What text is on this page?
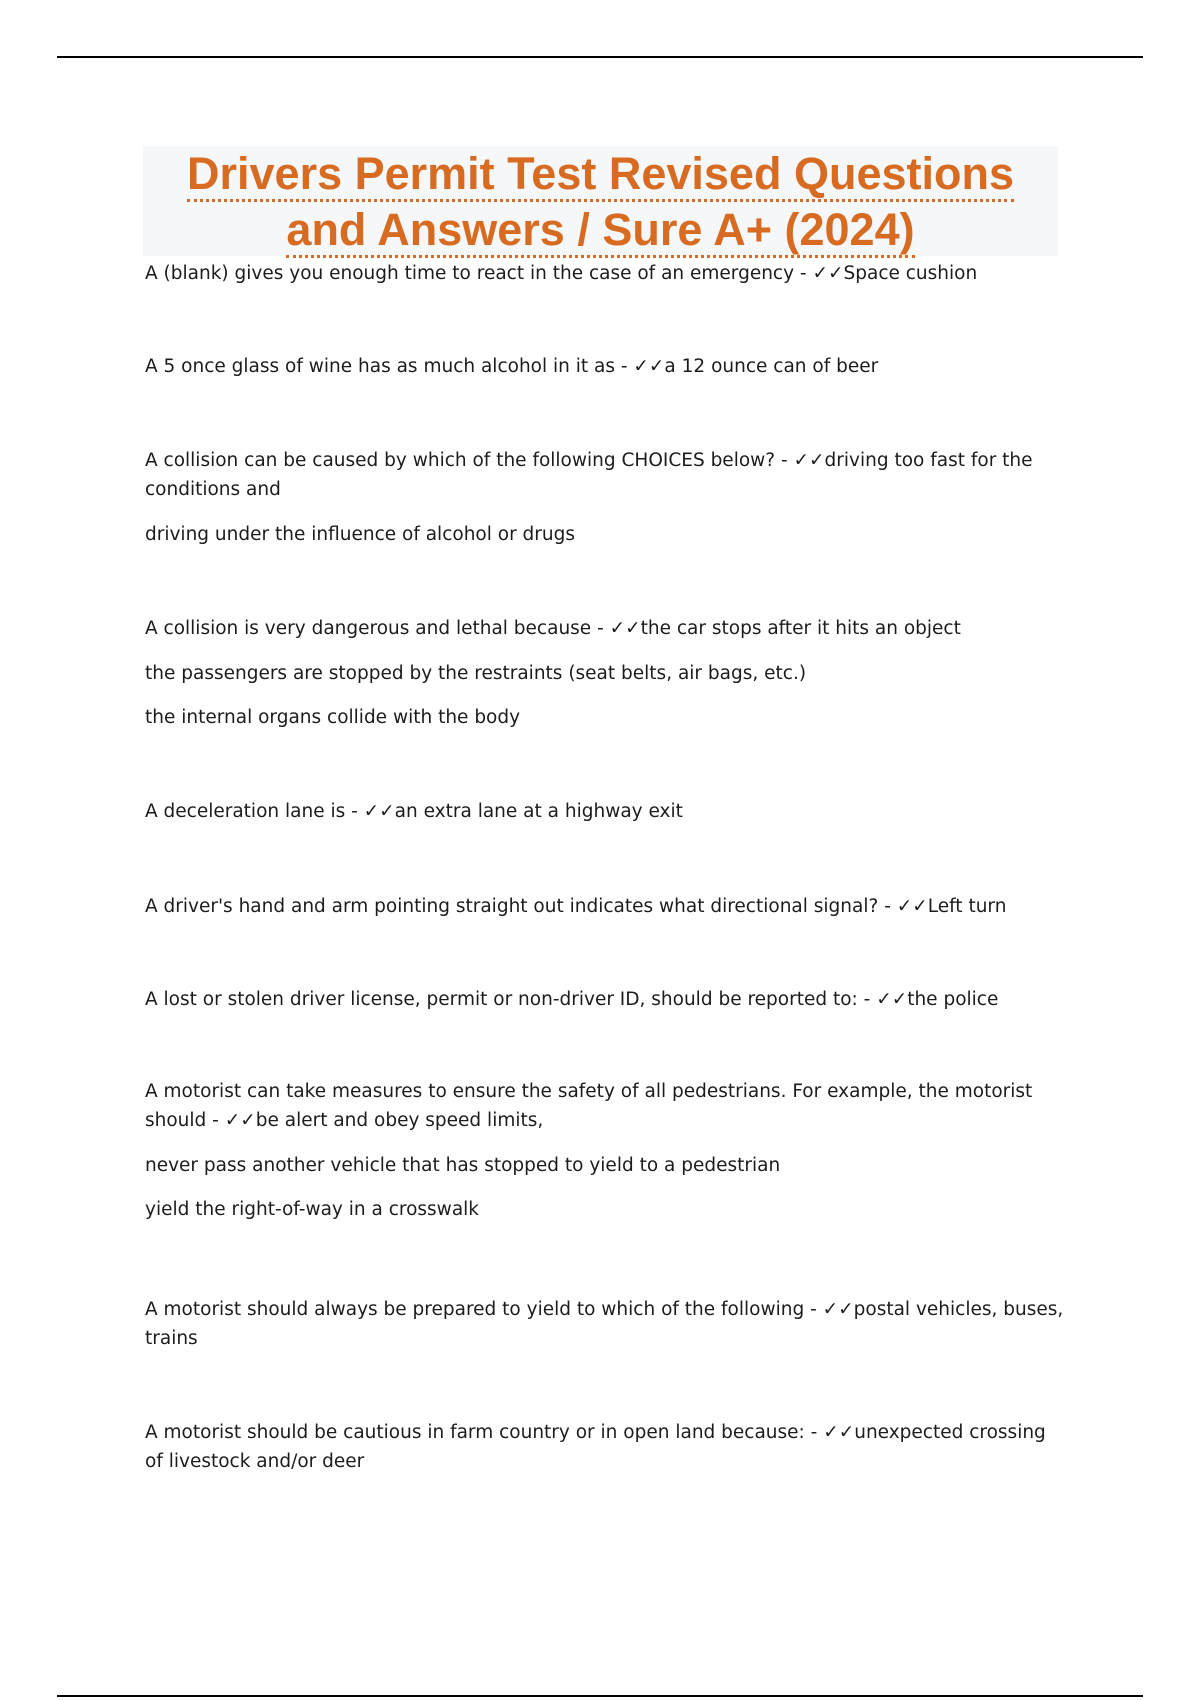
Drivers Permit Test Revised Questions
and Answers / Sure A+ (2024)

A (blank) gives you enough time to react in the case of an emergency - ✓✓Space cushion

A 5 once glass of wine has as much alcohol in it as - ✓✓a 12 ounce can of beer

A collision can be caused by which of the following CHOICES below? - ✓✓driving too fast for the conditions and

driving under the influence of alcohol or drugs

A collision is very dangerous and lethal because - ✓✓the car stops after it hits an object

the passengers are stopped by the restraints (seat belts, air bags, etc.)

the internal organs collide with the body

A deceleration lane is - ✓✓an extra lane at a highway exit

A driver's hand and arm pointing straight out indicates what directional signal? - ✓✓Left turn

A lost or stolen driver license, permit or non-driver ID, should be reported to: - ✓✓the police

A motorist can take measures to ensure the safety of all pedestrians. For example, the motorist should - ✓✓be alert and obey speed limits,

never pass another vehicle that has stopped to yield to a pedestrian

yield the right-of-way in a crosswalk

A motorist should always be prepared to yield to which of the following - ✓✓postal vehicles, buses, trains

A motorist should be cautious in farm country or in open land because: - ✓✓unexpected crossing of livestock and/or deer
